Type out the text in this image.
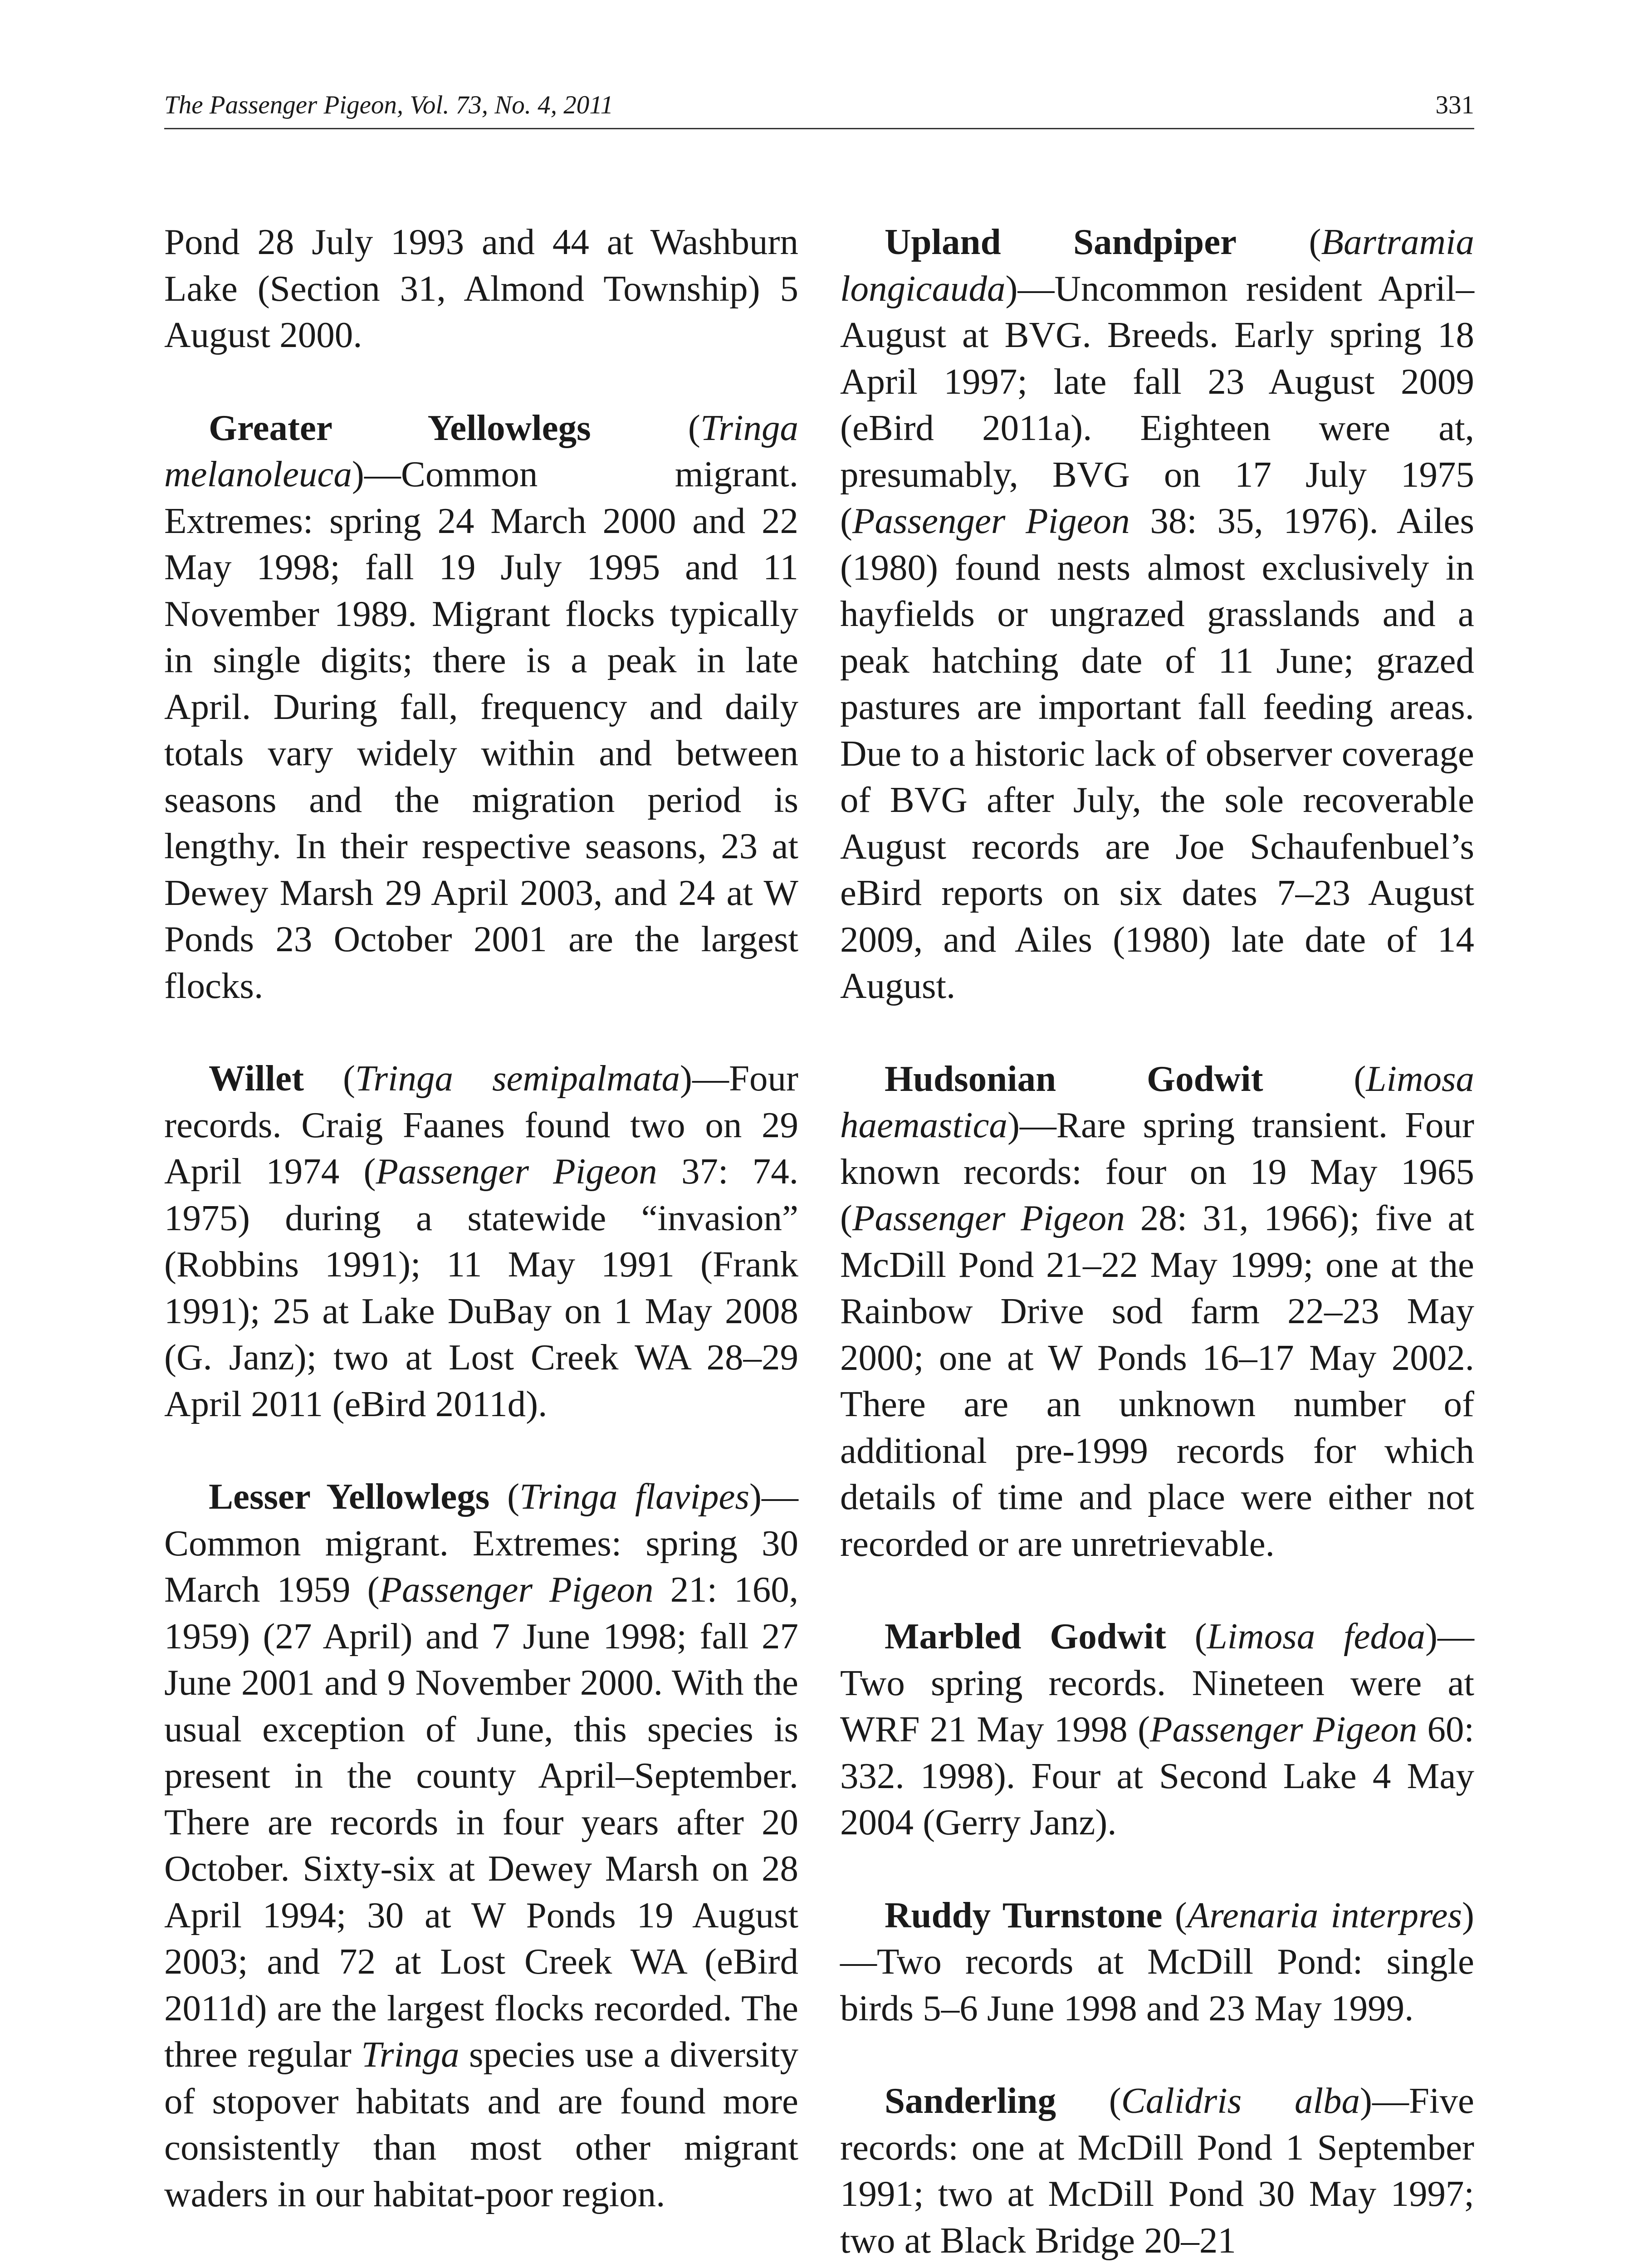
The Passenger Pigeon, Vol. 73, No. 4, 2011	331

Pond 28 July 1993 and 44 at Washburn Lake (Section 31, Almond Township) 5 August 2000.

Greater Yellowlegs (Tringa melanoleuca)—Common migrant. Extremes: spring 24 March 2000 and 22 May 1998; fall 19 July 1995 and 11 November 1989. Migrant flocks typically in single digits; there is a peak in late April. During fall, frequency and daily totals vary widely within and between seasons and the migration period is lengthy. In their respective seasons, 23 at Dewey Marsh 29 April 2003, and 24 at W Ponds 23 October 2001 are the largest flocks.

Willet (Tringa semipalmata)—Four records. Craig Faanes found two on 29 April 1974 (Passenger Pigeon 37: 74. 1975) during a statewide “invasion” (Robbins 1991); 11 May 1991 (Frank 1991); 25 at Lake DuBay on 1 May 2008 (G. Janz); two at Lost Creek WA 28–29 April 2011 (eBird 2011d).

Lesser Yellowlegs (Tringa flavipes)—Common migrant. Extremes: spring 30 March 1959 (Passenger Pigeon 21: 160, 1959) (27 April) and 7 June 1998; fall 27 June 2001 and 9 November 2000. With the usual exception of June, this species is present in the county April–September. There are records in four years after 20 October. Sixty-six at Dewey Marsh on 28 April 1994; 30 at W Ponds 19 August 2003; and 72 at Lost Creek WA (eBird 2011d) are the largest flocks recorded. The three regular Tringa species use a diversity of stopover habitats and are found more consistently than most other migrant waders in our habitat-poor region.

Upland Sandpiper (Bartramia longicauda)—Uncommon resident April–August at BVG. Breeds. Early spring 18 April 1997; late fall 23 August 2009 (eBird 2011a). Eighteen were at, presumably, BVG on 17 July 1975 (Passenger Pigeon 38: 35, 1976). Ailes (1980) found nests almost exclusively in hayfields or ungrazed grasslands and a peak hatching date of 11 June; grazed pastures are important fall feeding areas. Due to a historic lack of observer coverage of BVG after July, the sole recoverable August records are Joe Schaufenbuel’s eBird reports on six dates 7–23 August 2009, and Ailes (1980) late date of 14 August.

Hudsonian Godwit (Limosa haemastica)—Rare spring transient. Four known records: four on 19 May 1965 (Passenger Pigeon 28: 31, 1966); five at McDill Pond 21–22 May 1999; one at the Rainbow Drive sod farm 22–23 May 2000; one at W Ponds 16–17 May 2002. There are an unknown number of additional pre-1999 records for which details of time and place were either not recorded or are unretrievable.

Marbled Godwit (Limosa fedoa)—Two spring records. Nineteen were at WRF 21 May 1998 (Passenger Pigeon 60: 332. 1998). Four at Second Lake 4 May 2004 (Gerry Janz).

Ruddy Turnstone (Arenaria interpres)—Two records at McDill Pond: single birds 5–6 June 1998 and 23 May 1999.

Sanderling (Calidris alba)—Five records: one at McDill Pond 1 September 1991; two at McDill Pond 30 May 1997; two at Black Bridge 20–21
